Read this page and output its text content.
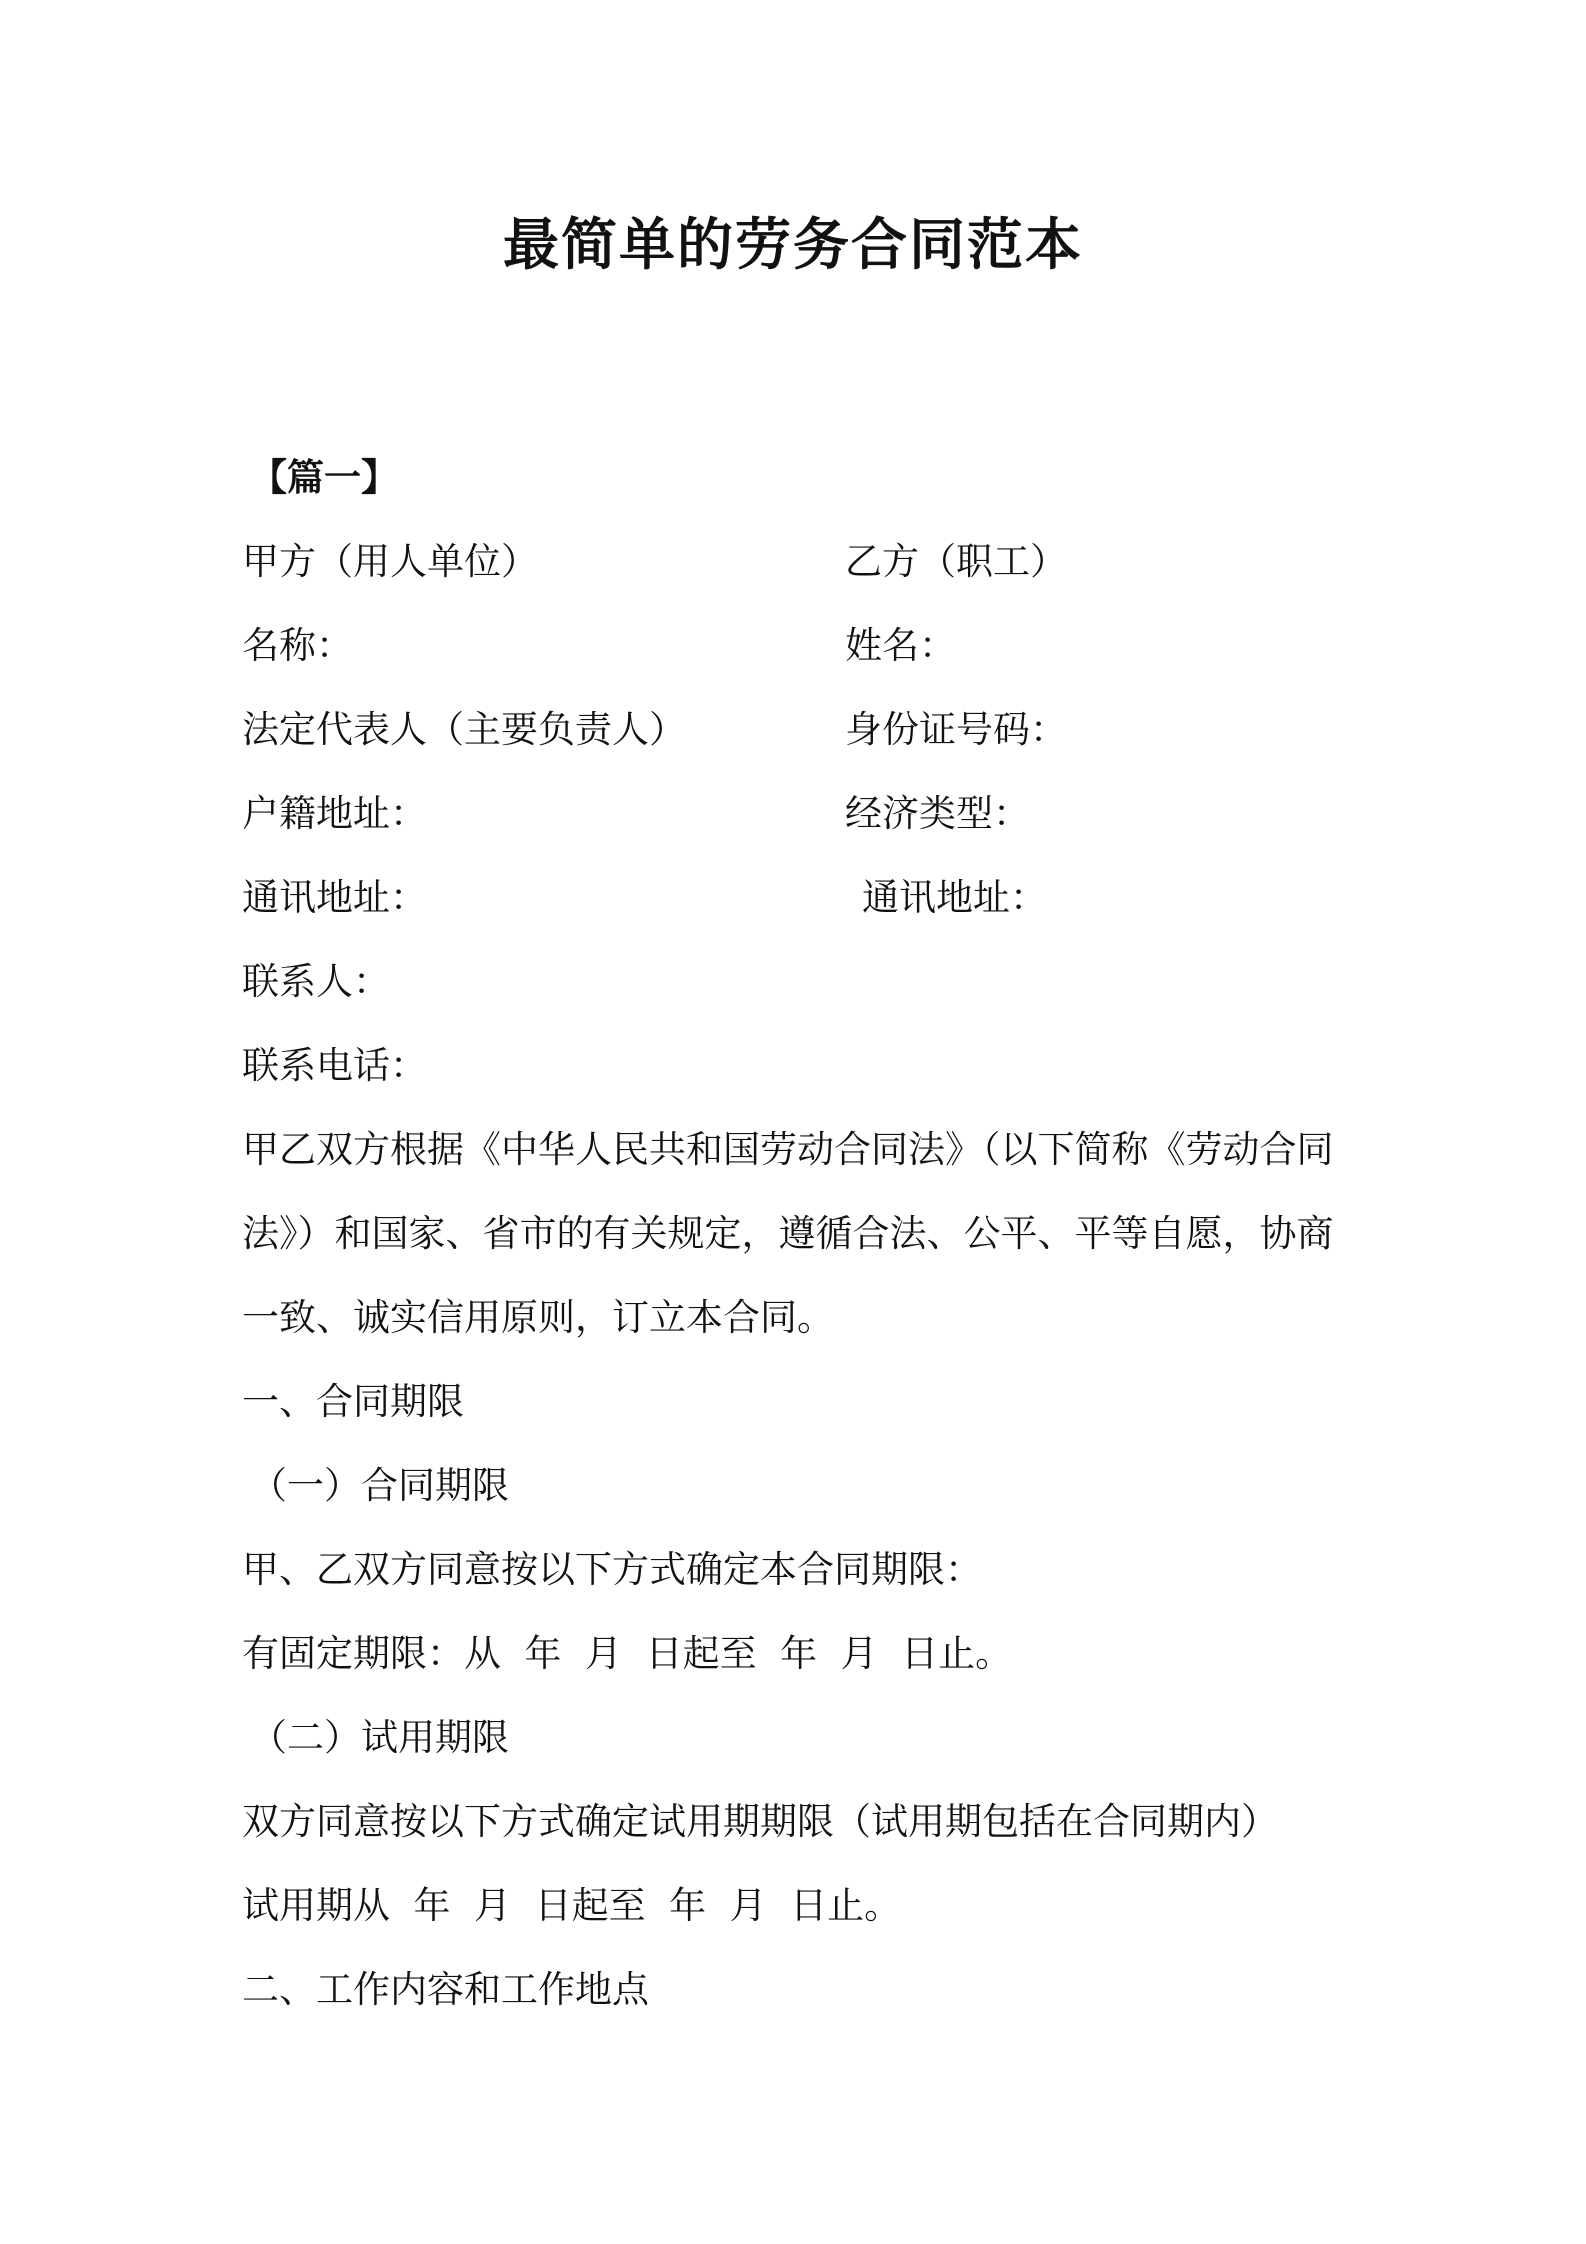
最简单的劳务合同范本
【篇一】
甲方（用人单位）	乙方（职工）
名称：	姓名：
法定代表人（主要负责人）	身份证号码：
户籍地址：	经济类型：
通讯地址：	通讯地址：
联系人：
联系电话：
甲乙双方根据《中华人民共和国劳动合同法》（以下简称《劳动合同
法》）和国家、省市的有关规定，遵循合法、公平、平等自愿，协商
一致、诚实信用原则，订立本合同。
一、合同期限
（一）合同期限
甲、乙双方同意按以下方式确定本合同期限：
有固定期限：从  年  月  日起至  年  月  日止。
（二）试用期限
双方同意按以下方式确定试用期期限（试用期包括在合同期内）
试用期从  年  月  日起至  年  月  日止。
二、工作内容和工作地点
